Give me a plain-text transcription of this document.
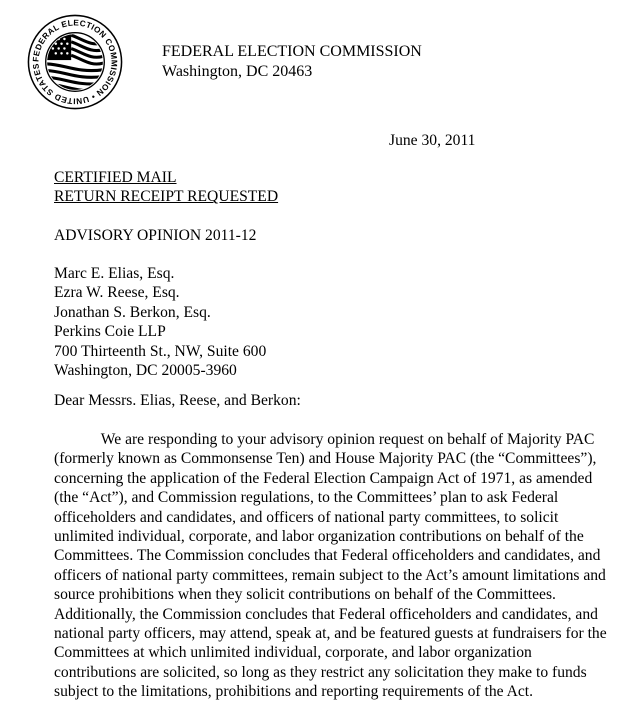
FEDERAL ELECTION COMMISSION • UNITED STATES
FEDERAL ELECTION COMMISSION
Washington, DC 20463
June 30, 2011
CERTIFIED MAIL
RETURN RECEIPT REQUESTED
ADVISORY OPINION 2011-12
Marc E. Elias, Esq.
Ezra W. Reese, Esq.
Jonathan S. Berkon, Esq.
Perkins Coie LLP
700 Thirteenth St., NW, Suite 600
Washington, DC 20005-3960
Dear Messrs. Elias, Reese, and Berkon:
We are responding to your advisory opinion request on behalf of Majority PAC
(formerly known as Commonsense Ten) and House Majority PAC (the “Committees”),
concerning the application of the Federal Election Campaign Act of 1971, as amended
(the “Act”), and Commission regulations, to the Committees’ plan to ask Federal
officeholders and candidates, and officers of national party committees, to solicit
unlimited individual, corporate, and labor organization contributions on behalf of the
Committees. The Commission concludes that Federal officeholders and candidates, and
officers of national party committees, remain subject to the Act’s amount limitations and
source prohibitions when they solicit contributions on behalf of the Committees.
Additionally, the Commission concludes that Federal officeholders and candidates, and
national party officers, may attend, speak at, and be featured guests at fundraisers for the
Committees at which unlimited individual, corporate, and labor organization
contributions are solicited, so long as they restrict any solicitation they make to funds
subject to the limitations, prohibitions and reporting requirements of the Act.
